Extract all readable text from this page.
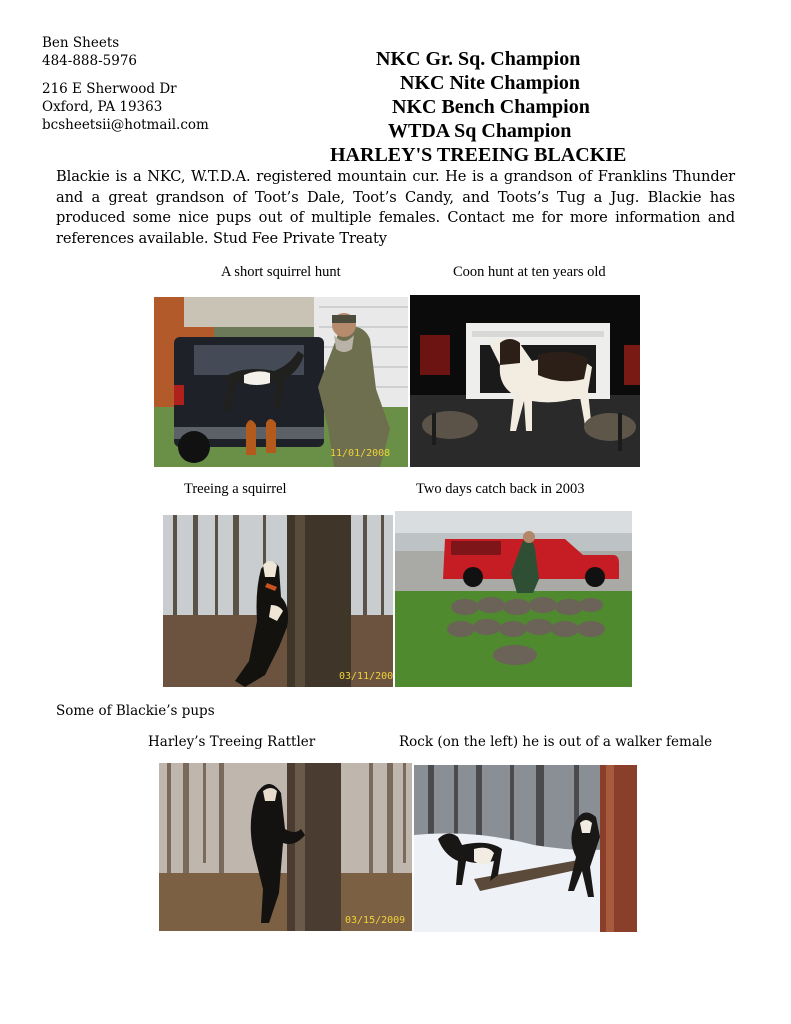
Ben Sheets
484-888-5976
216 E Sherwood Dr
Oxford, PA 19363
bcsheetsii@hotmail.com
NKC Gr. Sq. Champion
NKC Nite Champion
NKC Bench Champion
WTDA Sq Champion
HARLEY'S TREEING BLACKIE
Blackie is a NKC, W.T.D.A. registered mountain cur. He is a grandson of Franklins Thunder and a great grandson of Toot’s Dale, Toot’s Candy, and Toots’s Tug a Jug. Blackie has produced some nice pups out of multiple females. Contact me for more information and references available. Stud Fee Private Treaty
A short squirrel hunt	Coon hunt at ten years old
11/01/2008
Treeing a squirrel	Two days catch back in 2003
03/11/200
Some of Blackie’s pups
Harley’s Treeing Rattler	Rock (on the left) he is out of a walker female
03/15/2009
